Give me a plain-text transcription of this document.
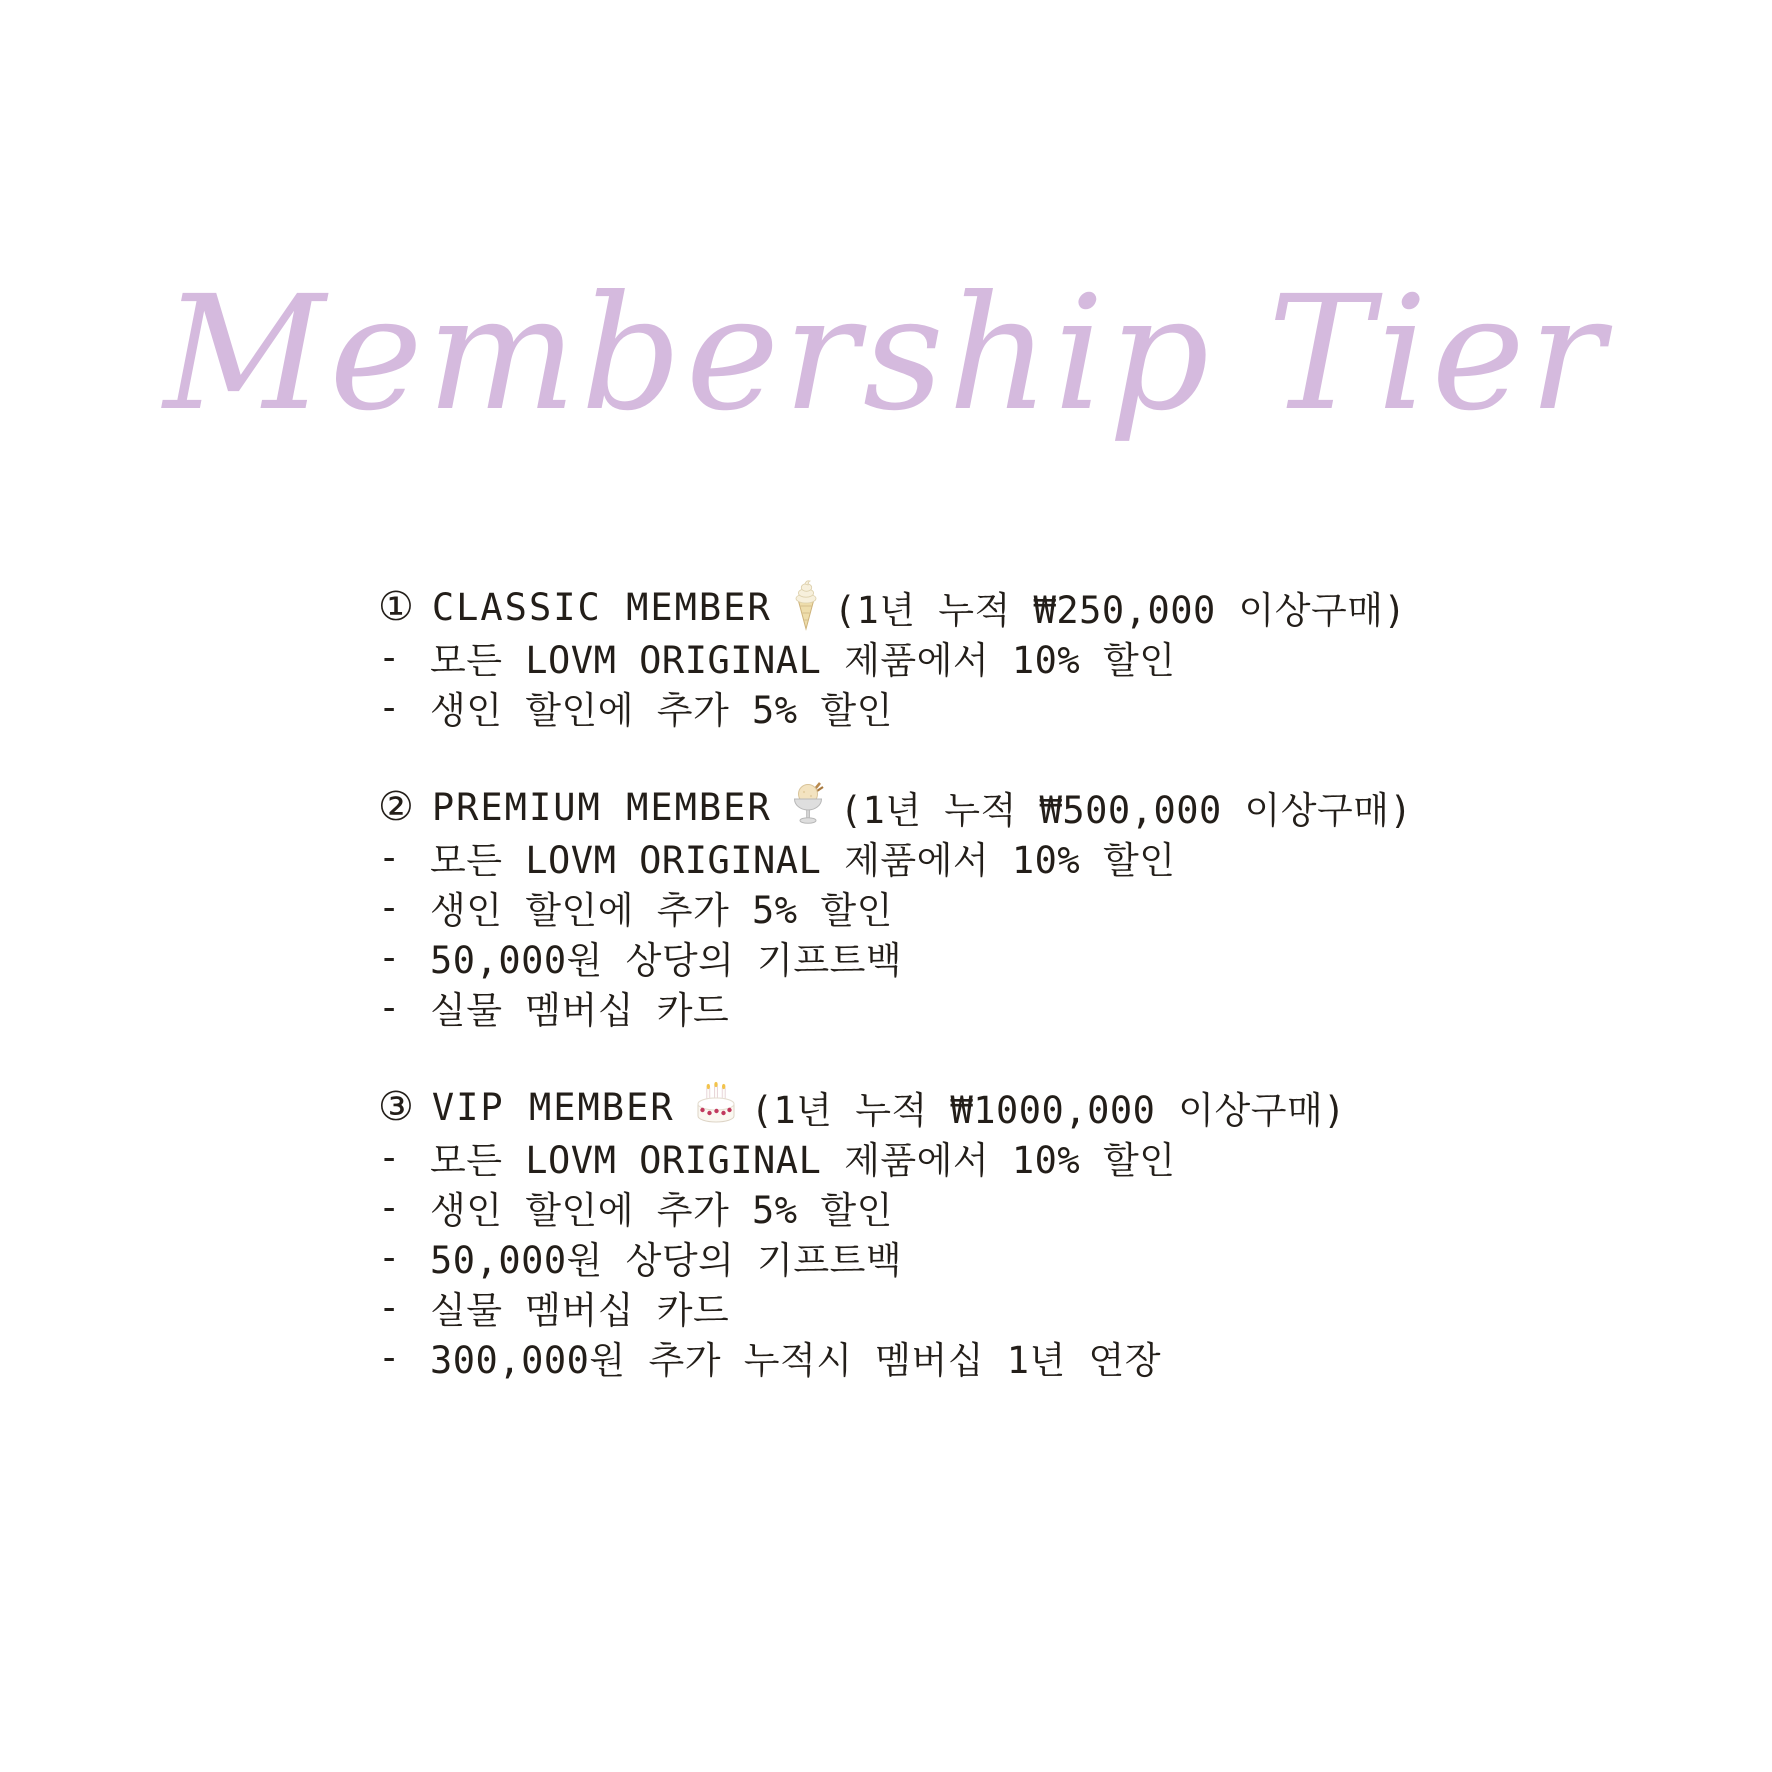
Membership Tier
① CLASSIC MEMBER (1년 누적 ₩250,000 이상구매)
- 모든 LOVM ORIGINAL 제품에서 10% 할인
- 생인 할인에 추가 5% 할인
② PREMIUM MEMBER (1년 누적 ₩500,000 이상구매)
- 모든 LOVM ORIGINAL 제품에서 10% 할인
- 생인 할인에 추가 5% 할인
- 50,000원 상당의 기프트백
- 실물 멤버십 카드
③ VIP MEMBER (1년 누적 ₩1000,000 이상구매)
- 모든 LOVM ORIGINAL 제품에서 10% 할인
- 생인 할인에 추가 5% 할인
- 50,000원 상당의 기프트백
- 실물 멤버십 카드
- 300,000원 추가 누적시 멤버십 1년 연장
